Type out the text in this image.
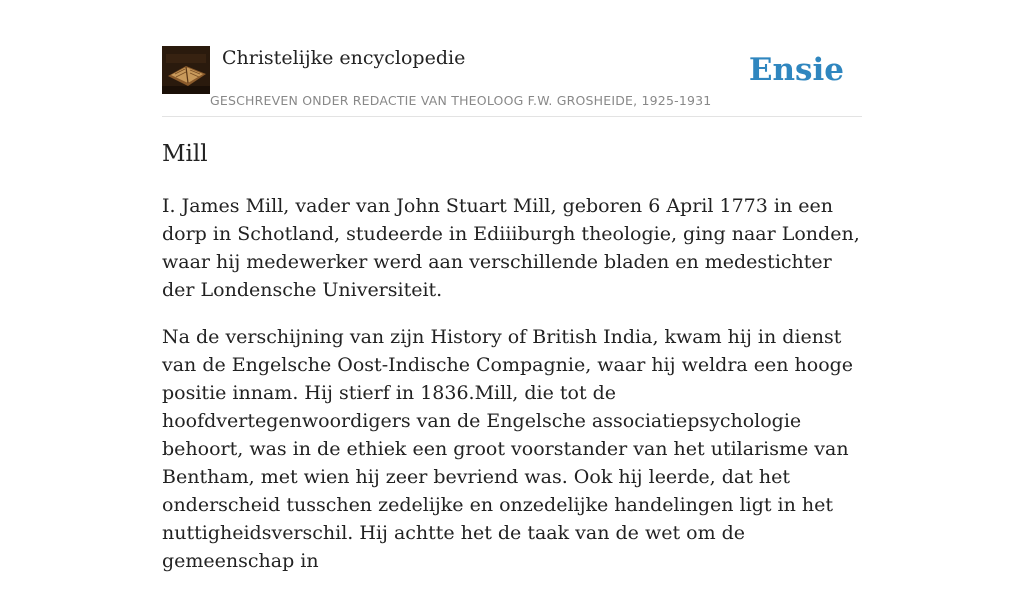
Christelijke encyclopedie
GESCHREVEN ONDER REDACTIE VAN THEOLOOG F.W. GROSHEIDE, 1925-1931
Ensie
Mill

I. James Mill, vader van John Stuart Mill, geboren 6 April 1773 in een dorp in Schotland, studeerde in Ediiiburgh theologie, ging naar Londen, waar hij medewerker werd aan verschillende bladen en medestichter der Londensche Universiteit.

Na de verschijning van zijn History of British India, kwam hij in dienst van de Engelsche Oost-Indische Compagnie, waar hij weldra een hooge positie innam. Hij stierf in 1836.Mill, die tot de hoofdvertegenwoordigers van de Engelsche associatiepsychologie behoort, was in de ethiek een groot voorstander van het utilarisme van Bentham, met wien hij zeer bevriend was. Ook hij leerde, dat het onderscheid tusschen zedelijke en onzedelijke handelingen ligt in het nuttigheidsverschil. Hij achtte het de taak van de wet om de gemeenschap in
